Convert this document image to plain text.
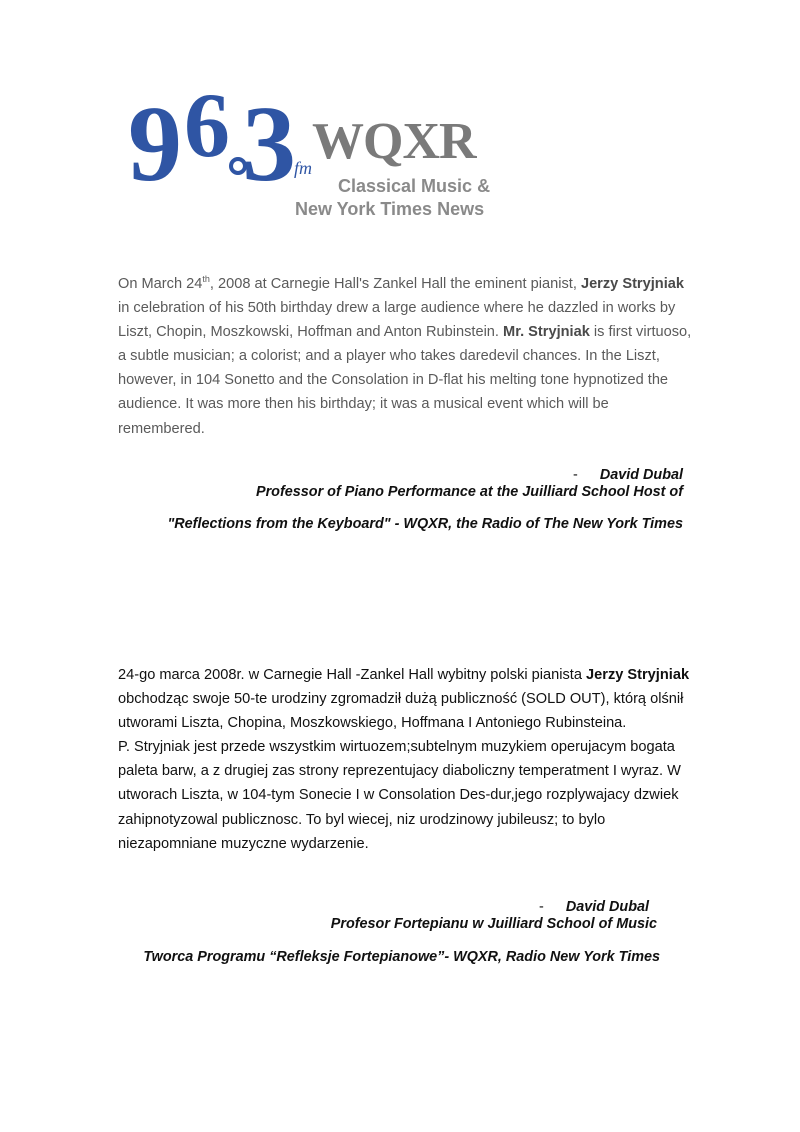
9 6 3
fm WQXR
Classical Music &
New York Times News

On March 24th, 2008 at Carnegie Hall's Zankel Hall the eminent pianist, Jerzy Stryjniak in celebration of his 50th birthday drew a large audience where he dazzled in works by Liszt, Chopin, Moszkowski, Hoffman and Anton Rubinstein. Mr. Stryjniak is first virtuoso, a subtle musician; a colorist; and a player who takes daredevil chances. In the Liszt, however, in 104 Sonetto and the Consolation in D-flat his melting tone hypnotized the audience. It was more then his birthday; it was a musical event which will be remembered.

- David Dubal

Professor of Piano Performance at the Juilliard School Host of

"Reflections from the Keyboard" - WQXR, the Radio of The New York Times

24-go marca 2008r. w Carnegie Hall -Zankel Hall wybitny polski pianista Jerzy Stryjniak obchodząc swoje 50-te urodziny zgromadził dużą publiczność (SOLD OUT), którą olśnił utworami Liszta, Chopina, Moszkowskiego, Hoffmana I Antoniego Rubinsteina.
P. Stryjniak jest przede wszystkim wirtuozem;subtelnym muzykiem operujacym bogata paleta barw, a z drugiej zas strony reprezentujacy diaboliczny temperatment I wyraz. W utworach Liszta, w 104-tym Sonecie I w Consolation Des-dur,jego rozplywajacy dzwiek zahipnotyzowal publicznosc. To byl wiecej, niz urodzinowy jubileusz; to bylo niezapomniane muzyczne wydarzenie.

- David Dubal

Profesor Fortepianu w Juilliard School of Music

Tworca Programu “Refleksje Fortepianowe”- WQXR, Radio New York Times
